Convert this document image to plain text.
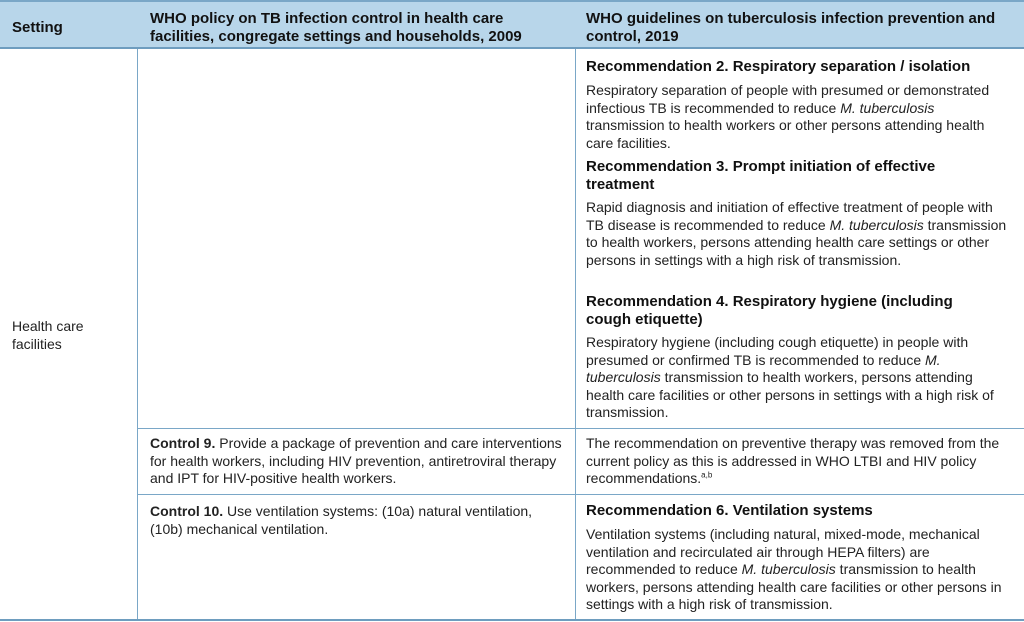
Setting
WHO policy on TB infection control in health care facilities, congregate settings and households, 2009
WHO guidelines on tuberculosis infection prevention and control, 2019
Health care facilities
Recommendation 2. Respiratory separation / isolation
Respiratory separation of people with presumed or demonstrated infectious TB is recommended to reduce M. tuberculosis transmission to health workers or other persons attending health care facilities.
Recommendation 3. Prompt initiation of effective treatment
Rapid diagnosis and initiation of effective treatment of people with TB disease is recommended to reduce M. tuberculosis transmission to health workers, persons attending health care settings or other persons in settings with a high risk of transmission.
Recommendation 4. Respiratory hygiene (including cough etiquette)
Respiratory hygiene (including cough etiquette) in people with presumed or confirmed TB is recommended to reduce M. tuberculosis transmission to health workers, persons attending health care facilities or other persons in settings with a high risk of transmission.
Control 9. Provide a package of prevention and care interventions for health workers, including HIV prevention, antiretroviral therapy and IPT for HIV-positive health workers.
The recommendation on preventive therapy was removed from the current policy as this is addressed in WHO LTBI and HIV policy recommendations.$^{a,b}$
Control 10. Use ventilation systems: (10a) natural ventilation, (10b) mechanical ventilation.
Recommendation 6. Ventilation systems
Ventilation systems (including natural, mixed-mode, mechanical ventilation and recirculated air through HEPA filters) are recommended to reduce M. tuberculosis transmission to health workers, persons attending health care facilities or other persons in settings with a high risk of transmission.
